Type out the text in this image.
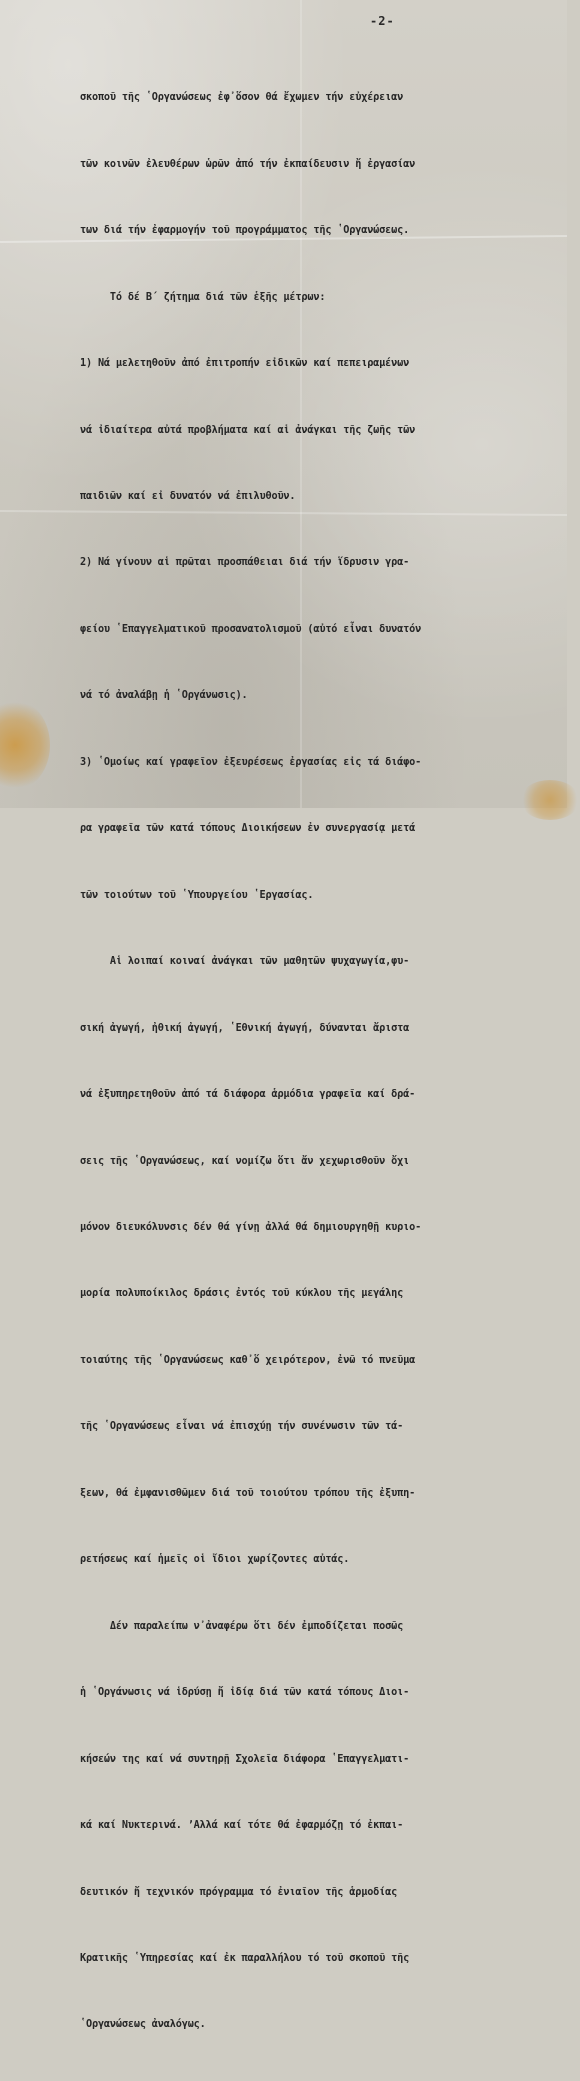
-2-

σκοποῦ τῆς ʽΟργανώσεως ἐφ᾽ὅσον θά ἔχωμεν τήν εὐχέρειαν

τῶν κοινῶν ἐλευθέρων ὡρῶν ἀπό τήν ἐκπαίδευσιν ἤ ἐργασίαν

των διά τήν ἐφαρμογήν τοῦ προγράμματος τῆς ʽΟργανώσεως.

Τό δέ Β΄ ζήτημα διά τῶν ἑξῆς μέτρων:

1) Νά μελετηθοῦν ἀπό ἐπιτροπήν εἰδικῶν καί πεπειραμένων

νά ἰδιαίτερα αὐτά προβλήματα καί αἱ ἀνάγκαι τῆς ζωῆς τῶν

παιδιῶν καί εἰ δυνατόν νά ἐπιλυθοῦν.

2) Νά γίνουν αἱ πρῶται προσπάθειαι διά τήν ἵδρυσιν γρα-

φείου ʽΕπαγγελματικοῦ προσανατολισμοῦ (αὐτό εἶναι δυνατόν

νά τό ἀναλάβῃ ἡ ʽΟργάνωσις).

3) ʽΟμοίως καί γραφεῖον ἐξευρέσεως ἐργασίας εἰς τά διάφο-

ρα γραφεῖα τῶν κατά τόπους Διοικήσεων ἐν συνεργασίᾳ μετά

τῶν τοιούτων τοῦ ʽΥπουργείου ʽΕργασίας.

Αἱ λοιπαί κοιναί ἀνάγκαι τῶν μαθητῶν ψυχαγωγία,φυ-

σική ἀγωγή, ἠθική ἀγωγή, ʽΕθνική ἀγωγή, δύνανται ἄριστα

νά ἐξυπηρετηθοῦν ἀπό τά διάφορα ἁρμόδια γραφεῖα καί δρά-

σεις τῆς ʽΟργανώσεως, καί νομίζω ὅτι ἄν χεχωρισθοῦν ὄχι

μόνον διευκόλυνσις δέν θά γίνῃ ἀλλά θά δημιουργηθῇ κυριο-

μορία πολυποίκιλος δράσις ἐντός τοῦ κύκλου τῆς μεγάλης

τοιαύτης τῆς ʽΟργανώσεως καθ᾽ὅ χειρότερον, ἐνῶ τό πνεῦμα

τῆς ʽΟργανώσεως εἶναι νά ἐπισχύῃ τήν συνένωσιν τῶν τά-

ξεων, θά ἐμφανισθῶμεν διά τοῦ τοιούτου τρόπου τῆς ἐξυπη-

ρετήσεως καί ἡμεῖς οἱ ἴδιοι χωρίζοντες αὐτάς.

Δέν παραλείπω ν᾽ἀναφέρω ὅτι δέν ἐμποδίζεται ποσῶς

ἡ ʽΟργάνωσις νά ἱδρύσῃ ἤ ἰδίᾳ διά τῶν κατά τόπους Διοι-

κήσεών της καί νά συντηρῇ Σχολεῖα διάφορα ʽΕπαγγελματι-

κά καί Νυκτερινά. ʼΑλλά καί τότε θά ἐφαρμόζῃ τό ἐκπαι-

δευτικόν ἤ τεχνικόν πρόγραμμα τό ἐνιαῖον τῆς ἁρμοδίας

Κρατικῆς ʽΥπηρεσίας καί ἐκ παραλλήλου τό τοῦ σκοποῦ τῆς

ʽΟργανώσεως ἀναλόγως.
